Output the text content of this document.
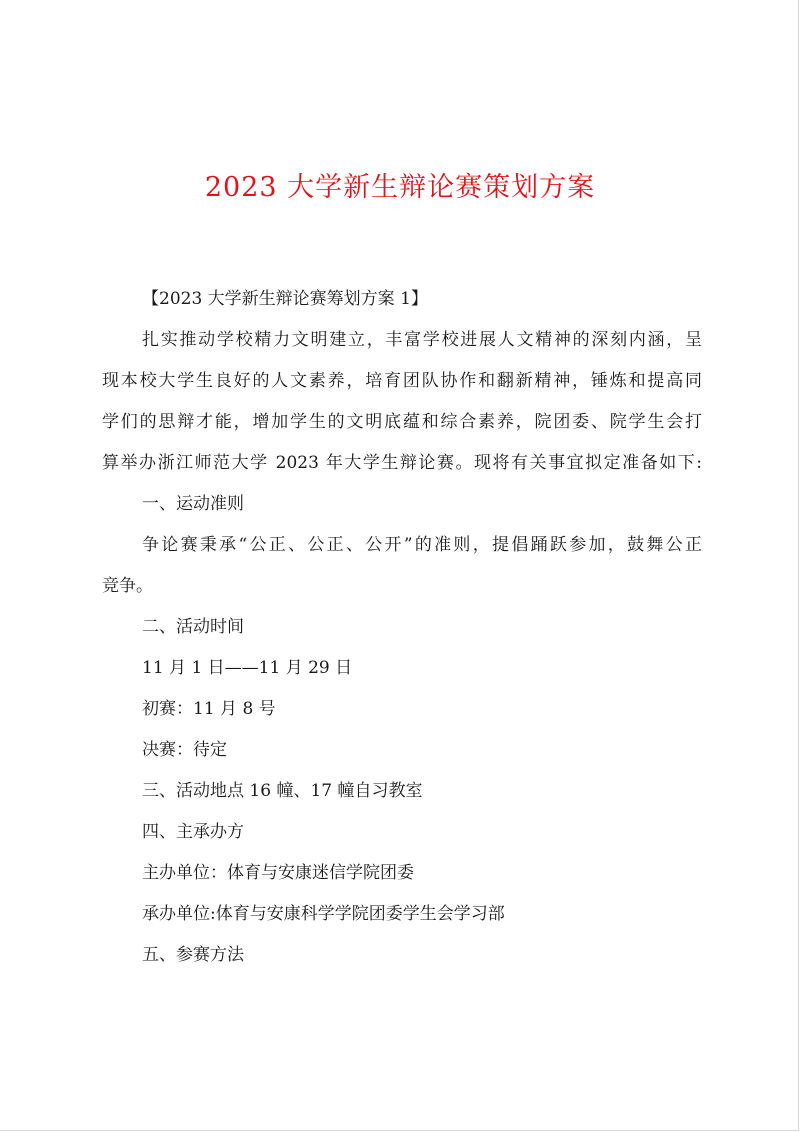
2023 大学新生辩论赛策划方案

【2023 大学新生辩论赛筹划方案 1】

扎实推动学校精力文明建立，丰富学校进展人文精神的深刻内涵，呈

现本校大学生良好的人文素养，培育团队协作和翻新精神，锤炼和提高同

学们的思辩才能，增加学生的文明底蕴和综合素养，院团委、院学生会打

算举办浙江师范大学 2023 年大学生辩论赛。现将有关事宜拟定准备如下:

一、运动准则

争论赛秉承“公正、公正、公开”的准则，提倡踊跃参加，鼓舞公正

竞争。

二、活动时间

11 月 1 日——11 月 29 日

初赛：11 月 8 号

决赛：待定

三、活动地点 16 幢、17 幢自习教室

四、主承办方

主办单位：体育与安康迷信学院团委

承办单位:体育与安康科学学院团委学生会学习部

五、参赛方法
